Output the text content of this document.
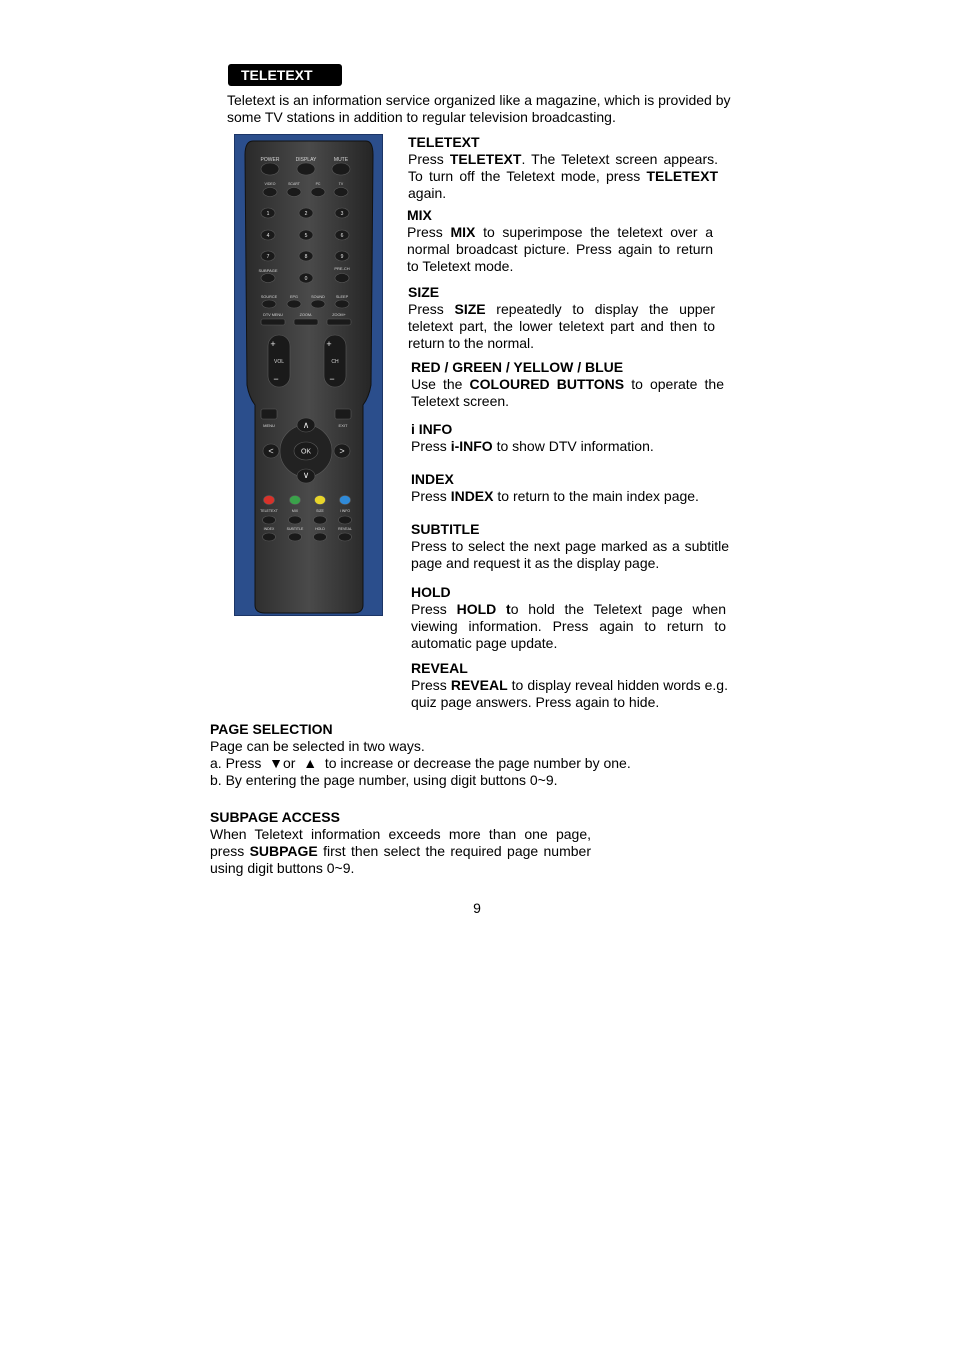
TELETEXT
Teletext is an information service organized like a magazine, which is provided by some TV stations in addition to regular television broadcasting.
POWER	DISPLAY	MUTE
VIDEO	SCART	PC	TV
1	2	3
4	5	6
7	8	9
SUBPAGE
0
PRE-CH
SOURCE	EPG	SOUND	SLEEP
DTV MENU	ZOOM-	ZOOM+
+
VOL
−
+
CH
−
MENU	EXIT
∧
∨
<	>
OK
TELETEXT	MIX	SIZE	i INFO
INDEX	SUBTITLE	HOLD	REVEAL
TELETEXT
Press TELETEXT. The Teletext screen appears. To turn off the Teletext mode, press TELETEXT again.
MIX
Press MIX to superimpose the teletext over a normal broadcast picture. Press again to return to Teletext mode.
SIZE
Press SIZE repeatedly to display the upper teletext part, the lower teletext part and then to return to the normal.
RED / GREEN / YELLOW / BLUE
Use the COLOURED BUTTONS to operate the Teletext screen.
i INFO
Press i-INFO to show DTV information.
INDEX
Press INDEX to return to the main index page.
SUBTITLE
Press to select the next page marked as a subtitle page and request it as the display page.
HOLD
Press HOLD to hold the Teletext page when viewing information. Press again to return to automatic page update.
REVEAL
Press REVEAL to display reveal hidden words e.g. quiz page answers. Press again to hide.
PAGE SELECTION
Page can be selected in two ways.
a. Press  ▼or  ▲  to increase or decrease the page number by one.
b. By entering the page number, using digit buttons 0~9.
SUBPAGE ACCESS
When Teletext information exceeds more than one page, press SUBPAGE first then select the required page number using digit buttons 0~9.
9
